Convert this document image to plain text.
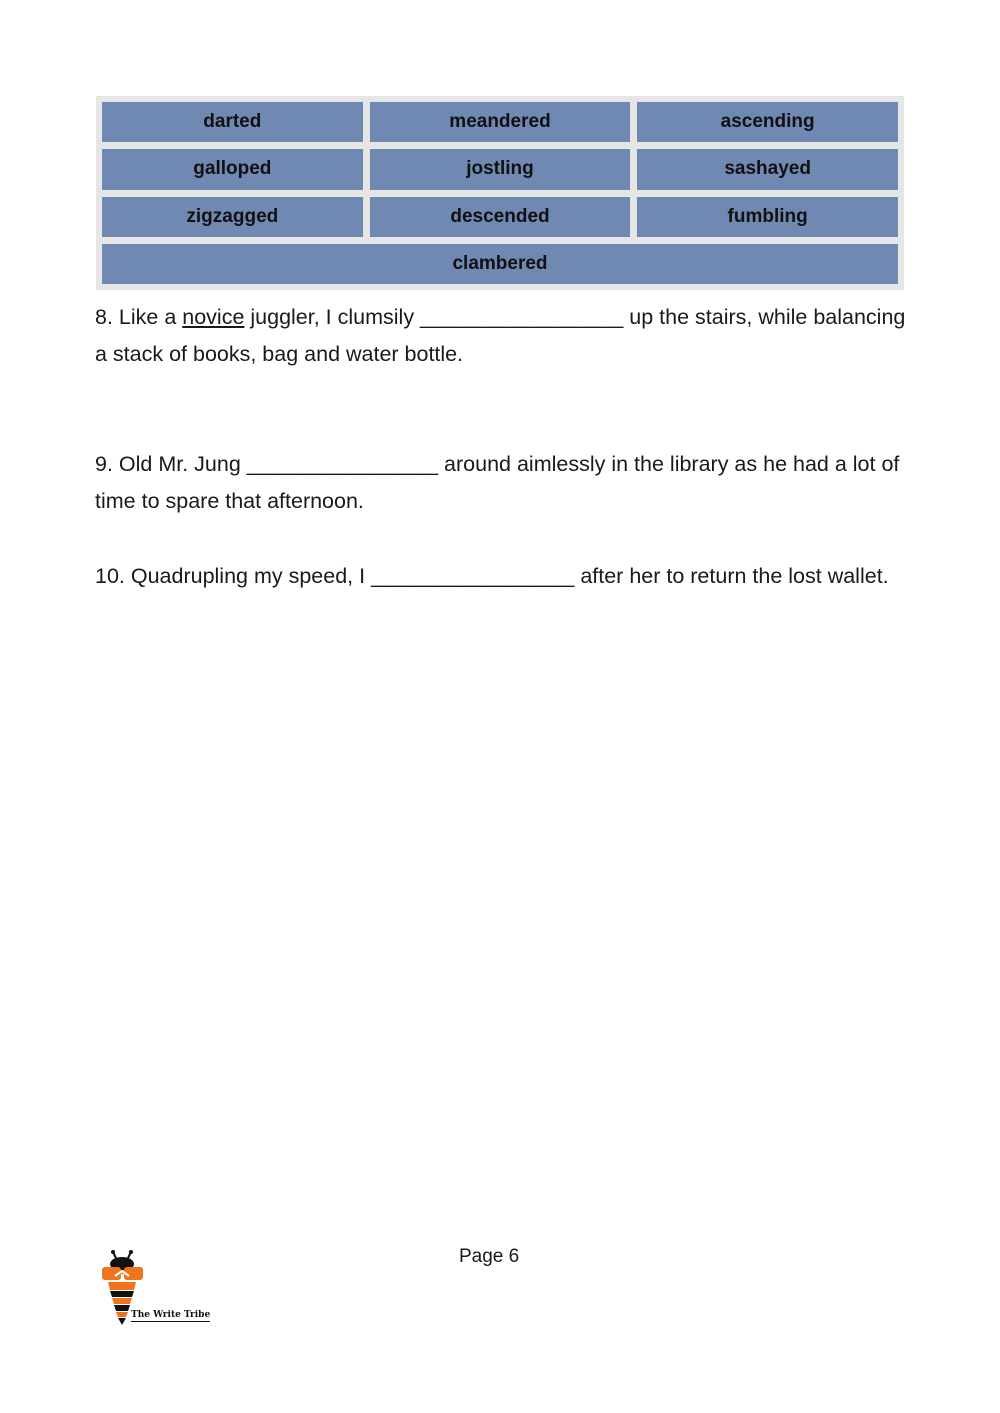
darted	meandered	ascending
galloped	jostling	sashayed
zigzagged	descended	fumbling
clambered
8. Like a novice juggler, I clumsily _________________ up the stairs, while balancing a stack of books, bag and water bottle.
9. Old Mr. Jung ________________ around aimlessly in the library as he had a lot of time to spare that afternoon.
10. Quadrupling my speed, I _________________ after her to return the lost wallet.
Page 6
The Write Tribe
